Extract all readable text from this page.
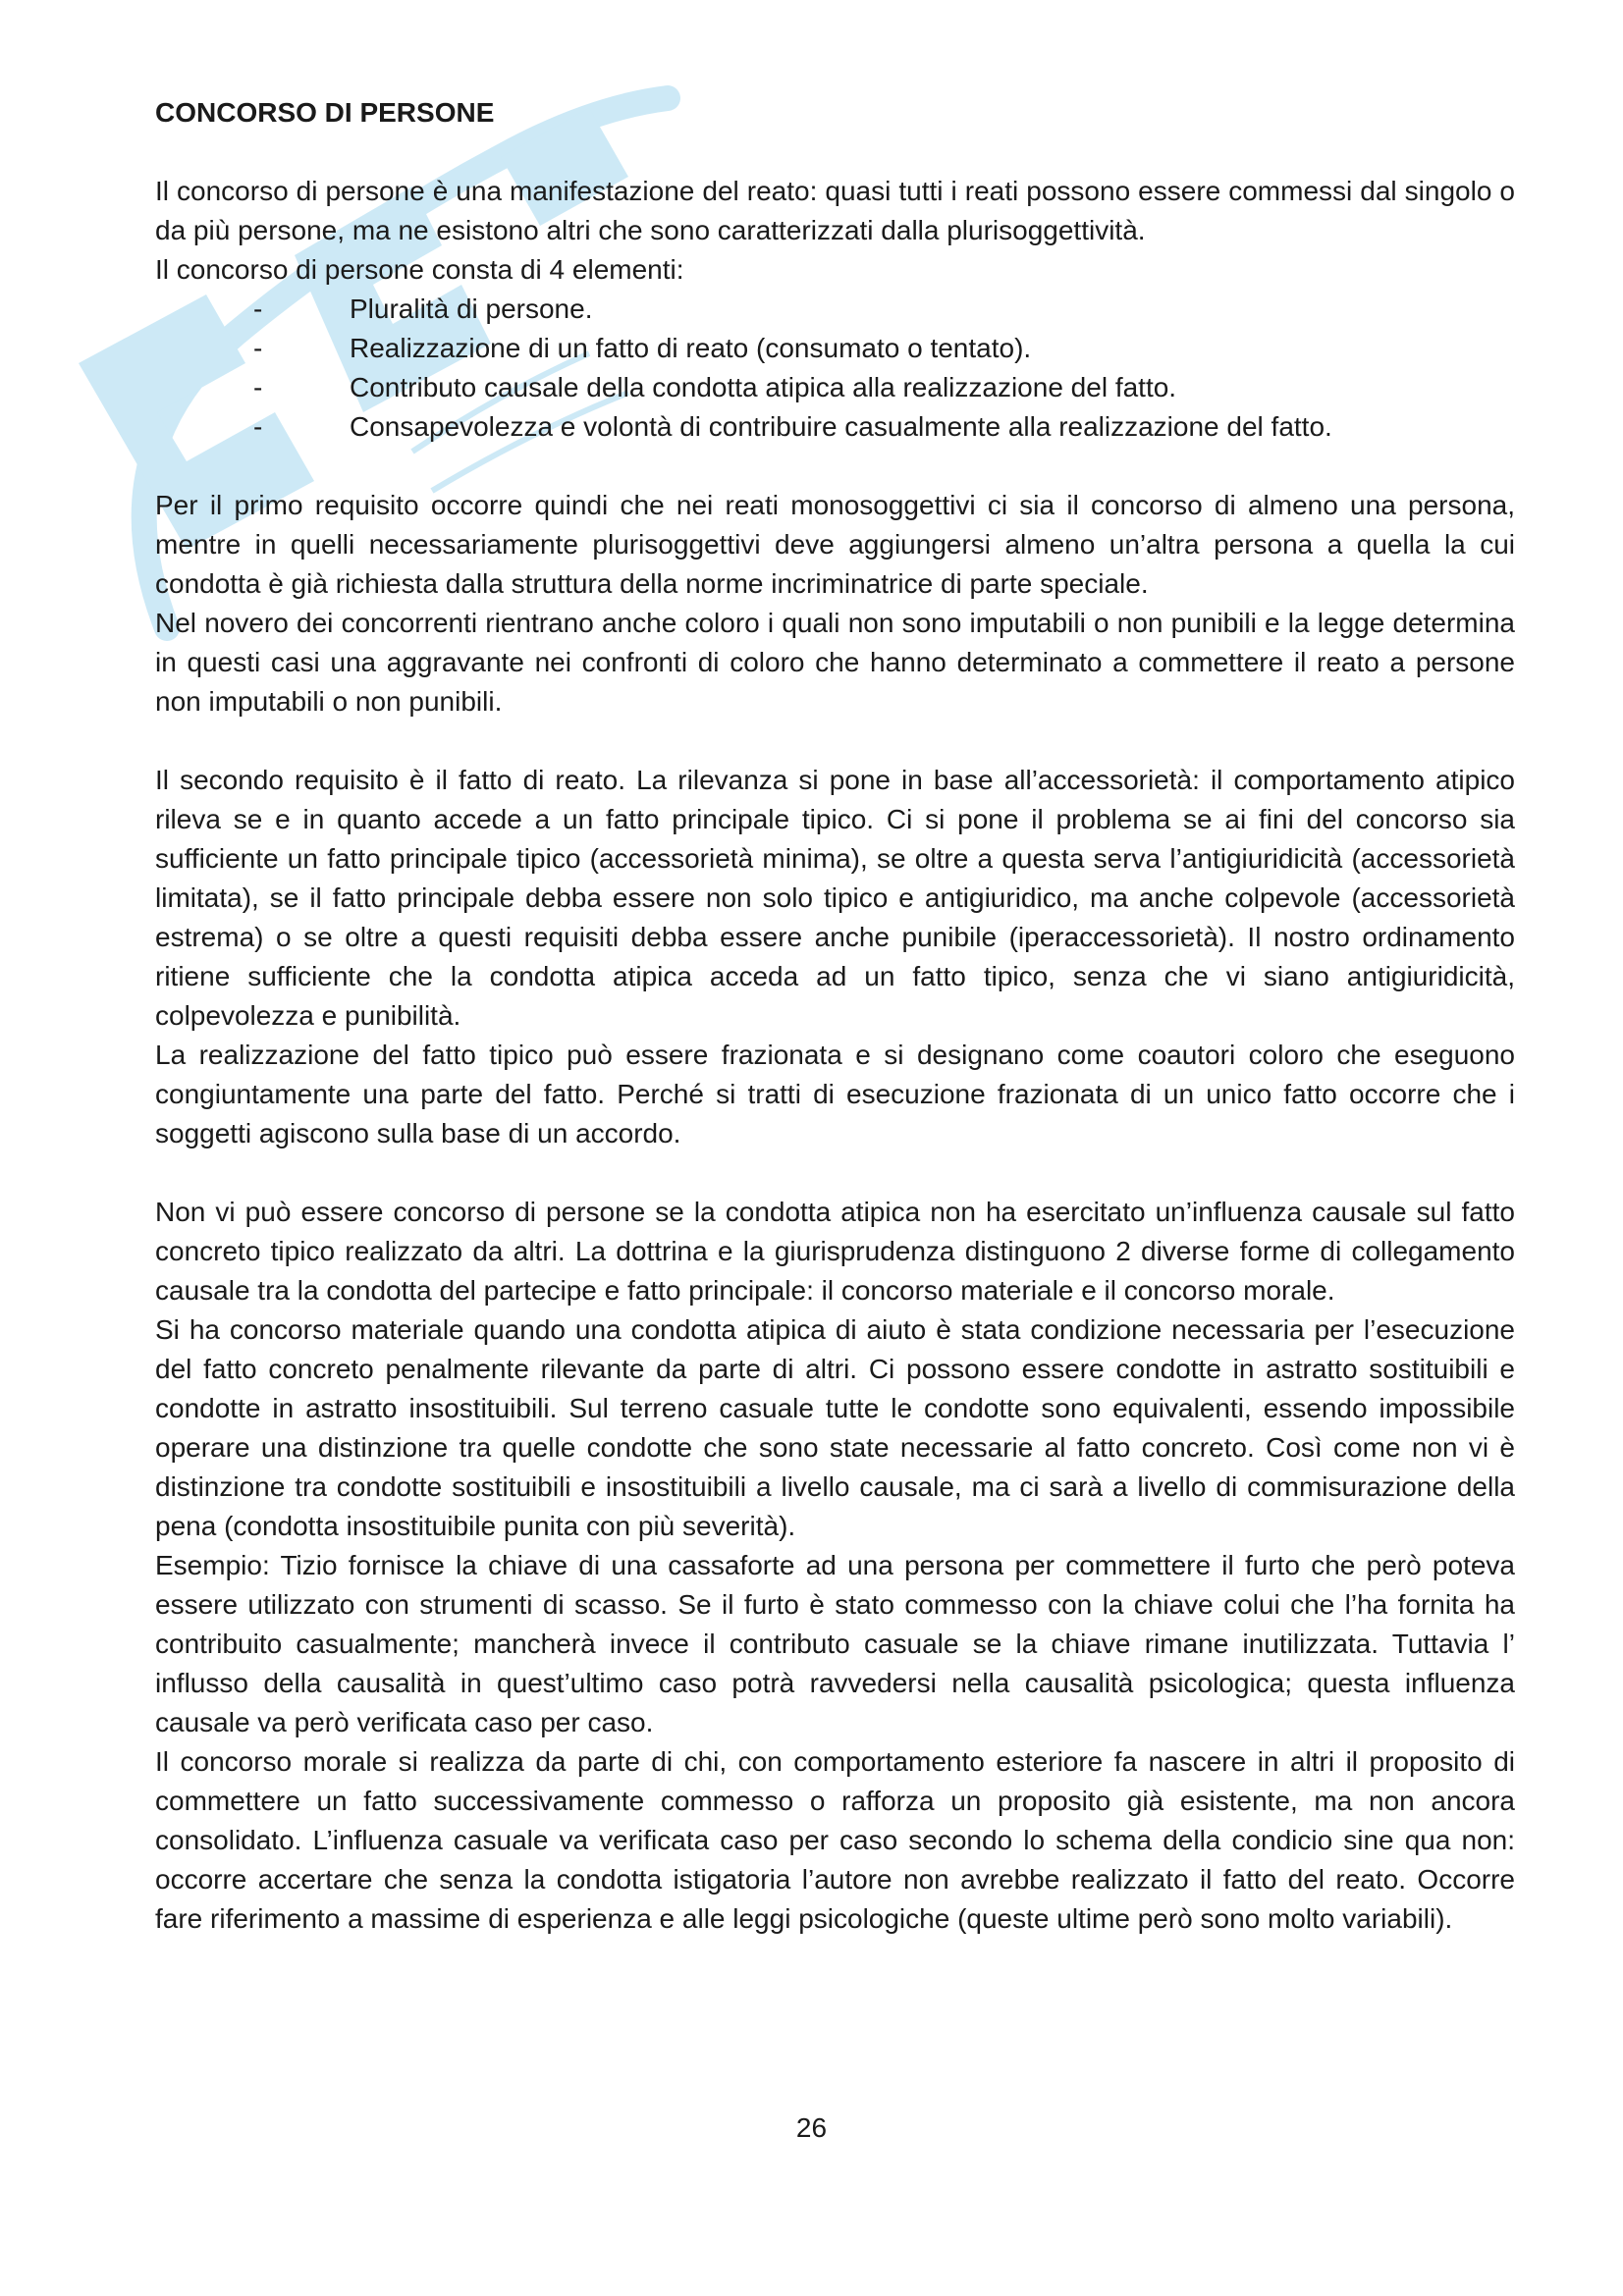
CONCORSO DI PERSONE

Il concorso di persone è una manifestazione del reato: quasi tutti i reati possono essere commessi dal singolo o da più persone, ma ne esistono altri che sono caratterizzati dalla plurisoggettività.

Il concorso di persone consta di 4 elementi:

-	Pluralità di persone.
-	Realizzazione di un fatto di reato (consumato o tentato).
-	Contributo causale della condotta atipica alla realizzazione del fatto.
-	Consapevolezza e volontà di contribuire casualmente alla realizzazione del fatto.

Per il primo requisito occorre quindi che nei reati monosoggettivi ci sia il concorso di almeno una persona, mentre in quelli necessariamente plurisoggettivi deve aggiungersi almeno un’altra persona a quella la cui condotta è già richiesta dalla struttura della norme incriminatrice di parte speciale.

Nel novero dei concorrenti rientrano anche coloro i quali non sono imputabili o non punibili e la legge determina in questi casi una aggravante nei confronti di coloro che hanno determinato a commettere il reato a persone non imputabili o non punibili.

Il secondo requisito è il fatto di reato. La rilevanza si pone in base all’accessorietà: il comportamento atipico rileva se e in quanto accede a un fatto principale tipico. Ci si pone il problema se ai fini del concorso sia sufficiente un fatto principale tipico (accessorietà minima), se oltre a questa serva l’antigiuridicità (accessorietà limitata), se il fatto principale debba essere non solo tipico e antigiuridico, ma anche colpevole (accessorietà estrema) o se oltre a questi requisiti debba essere anche punibile (iperaccessorietà). Il nostro ordinamento ritiene sufficiente che la condotta atipica acceda ad un fatto tipico, senza che vi siano antigiuridicità, colpevolezza e punibilità.

La realizzazione del fatto tipico può essere frazionata e si designano come coautori coloro che eseguono congiuntamente una parte del fatto. Perché si tratti di esecuzione frazionata di un unico fatto occorre che i soggetti agiscono sulla base di un accordo.

Non vi può essere concorso di persone se la condotta atipica non ha esercitato un’influenza causale sul fatto concreto tipico realizzato da altri. La dottrina e la giurisprudenza distinguono 2 diverse forme di collegamento causale tra la condotta del partecipe e fatto principale: il concorso materiale e il concorso morale.

Si ha concorso materiale quando una condotta atipica di aiuto è stata condizione necessaria per l’esecuzione del fatto concreto penalmente rilevante da parte di altri. Ci possono essere condotte in astratto sostituibili e condotte in astratto insostituibili. Sul terreno casuale tutte le condotte sono equivalenti, essendo impossibile operare una distinzione tra quelle condotte che sono state necessarie al fatto concreto. Così come non vi è distinzione tra condotte sostituibili e insostituibili a livello causale, ma ci sarà a livello di commisurazione della pena (condotta insostituibile punita con più severità).

Esempio: Tizio fornisce la chiave di una cassaforte ad una persona per commettere il furto che però poteva essere utilizzato con strumenti di scasso. Se il furto è stato commesso con la chiave colui che l’ha fornita ha contribuito casualmente; mancherà invece il contributo casuale se la chiave rimane inutilizzata. Tuttavia l’ influsso della causalità in quest’ultimo caso potrà ravvedersi nella causalità psicologica; questa influenza causale va però verificata caso per caso.

Il concorso morale si realizza da parte di chi, con comportamento esteriore fa nascere in altri il proposito di commettere un fatto successivamente commesso o rafforza un proposito già esistente, ma non ancora consolidato. L’influenza casuale va verificata caso per caso secondo lo schema della condicio sine qua non: occorre accertare che senza la condotta istigatoria l’autore non avrebbe realizzato il fatto del reato. Occorre fare riferimento a massime di esperienza e alle leggi psicologiche (queste ultime però sono molto variabili).

26
